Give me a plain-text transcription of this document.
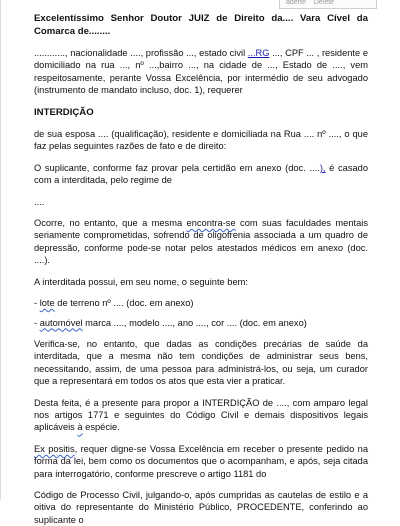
aberte Delete

Excelentíssimo Senhor Doutor JUIZ de Direito da.... Vara Cível da Comarca de........

............, nacionalidade ...., profissão ..., estado civil ...RG ..., CPF ... , residente e domiciliado na rua ..., nº ...,bairro ..., na cidade de ..., Estado de ...., vem respeitosamente, perante Vossa Excelência, por intermédio de seu advogado (instrumento de mandato incluso, doc. 1), requerer

INTERDIÇÃO

de sua esposa .... (qualificação), residente e domiciliada na Rua .... nº ...., o que faz pelas seguintes razões de fato e de direito:

O suplicante, conforme faz provar pela certidão em anexo (doc. ....), é casado com a interditada, pelo regime de

....

Ocorre, no entanto, que a mesma encontra-se com suas faculdades mentais seriamente comprometidas, sofrendo de oligofrenia associada a um quadro de depressão, conforme pode-se notar pelos atestados médicos em anexo (doc. ....).

A interditada possui, em seu nome, o seguinte bem:

- lote de terreno nº .... (doc. em anexo)

- automóvel marca ...., modelo ...., ano ...., cor .... (doc. em anexo)

Verifica-se, no entanto, que dadas as condições precárias de saúde da interditada, que a mesma não tem condições de administrar seus bens, necessitando, assim, de uma pessoa para administrá-los, ou seja, um curador que a representará em todos os atos que esta vier a praticar.

Desta feita, é a presente para propor a INTERDIÇÃO de ...., com amparo legal nos artigos 1771 e seguintes do Código Civil e demais dispositivos legais aplicáveis à espécie.

Ex positis, requer digne-se Vossa Excelência em receber o presente pedido na forma da lei, bem como os documentos que o acompanham, e após, seja citada para interrogatório, conforme prescreve o artigo 1181 do

Código de Processo Civil, julgando-o, após cumpridas as cautelas de estilo e a oitiva do representante do Ministério Público, PROCEDENTE, conferindo ao suplicante o
